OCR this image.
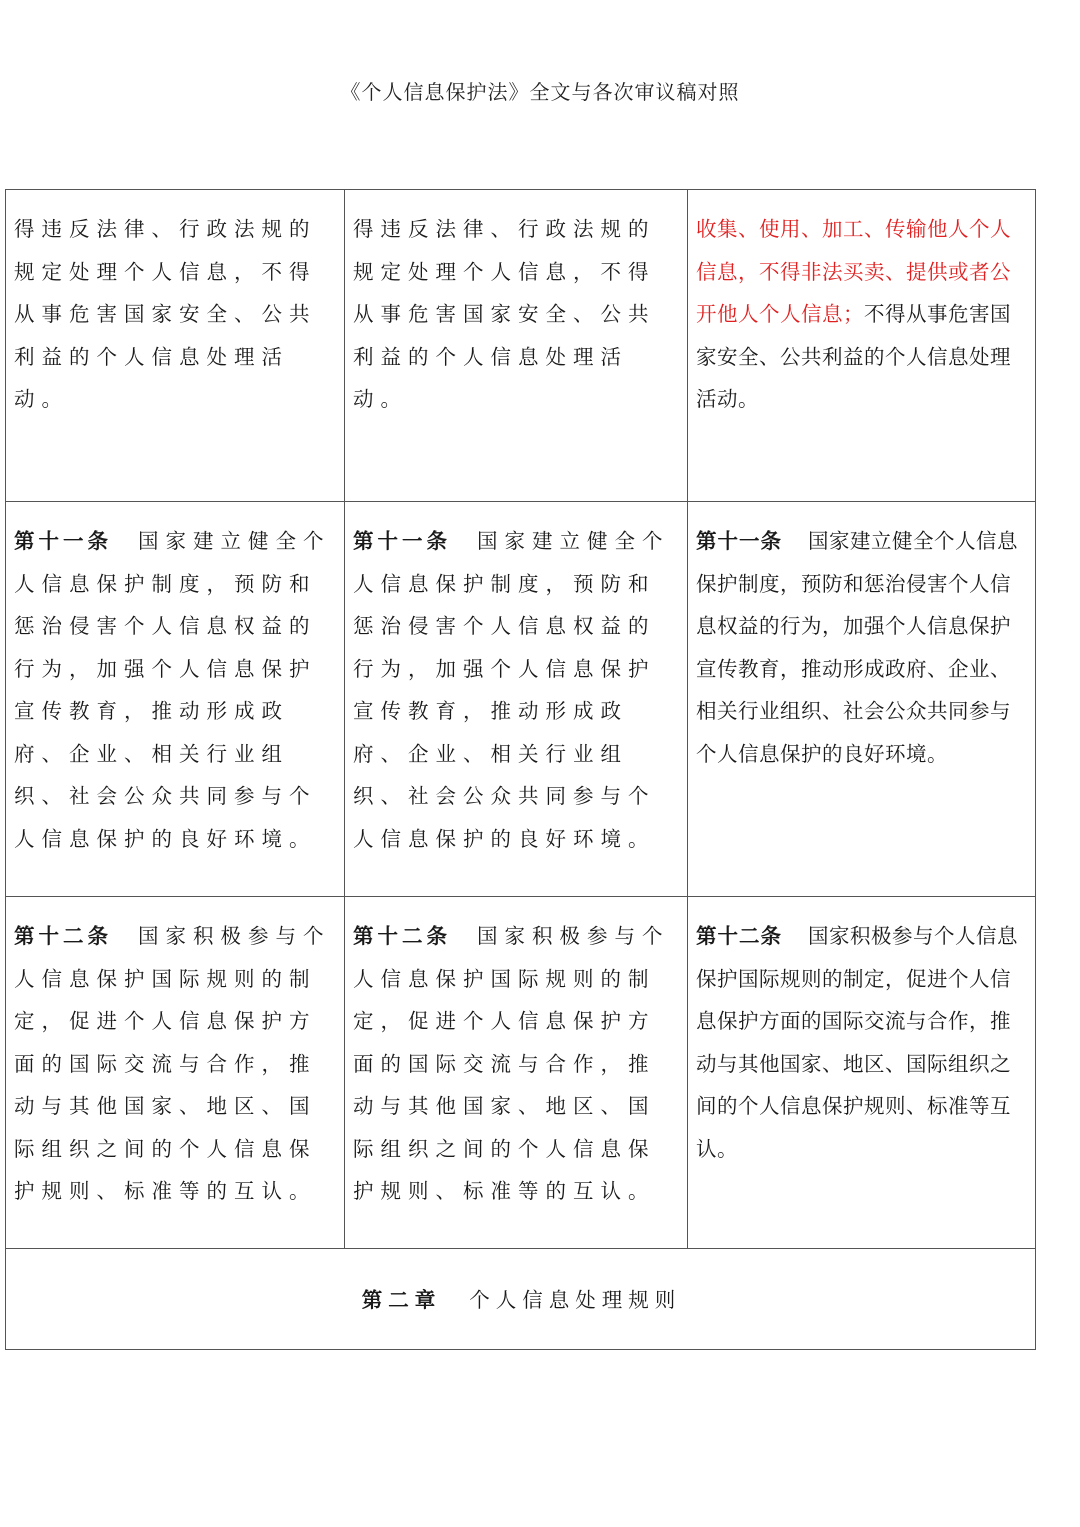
《个人信息保护法》全文与各次审议稿对照
得违反法律、行政法规的规定处理个人信息，不得从事危害国家安全、公共利益的个人信息处理活动。	得违反法律、行政法规的规定处理个人信息，不得从事危害国家安全、公共利益的个人信息处理活动。	收集、使用、加工、传输他人个人信息，不得非法买卖、提供或者公开他人个人信息；不得从事危害国家安全、公共利益的个人信息处理活动。
第十一条 国家建立健全个人信息保护制度，预防和惩治侵害个人信息权益的行为，加强个人信息保护宣传教育，推动形成政府、企业、相关行业组织、社会公众共同参与个人信息保护的良好环境。	第十一条 国家建立健全个人信息保护制度，预防和惩治侵害个人信息权益的行为，加强个人信息保护宣传教育，推动形成政府、企业、相关行业组织、社会公众共同参与个人信息保护的良好环境。	第十一条 国家建立健全个人信息保护制度，预防和惩治侵害个人信息权益的行为，加强个人信息保护宣传教育，推动形成政府、企业、相关行业组织、社会公众共同参与个人信息保护的良好环境。
第十二条 国家积极参与个人信息保护国际规则的制定，促进个人信息保护方面的国际交流与合作，推动与其他国家、地区、国际组织之间的个人信息保护规则、标准等的互认。	第十二条 国家积极参与个人信息保护国际规则的制定，促进个人信息保护方面的国际交流与合作，推动与其他国家、地区、国际组织之间的个人信息保护规则、标准等的互认。	第十二条 国家积极参与个人信息保护国际规则的制定，促进个人信息保护方面的国际交流与合作，推动与其他国家、地区、国际组织之间的个人信息保护规则、标准等互认。
第二章 个人信息处理规则		
